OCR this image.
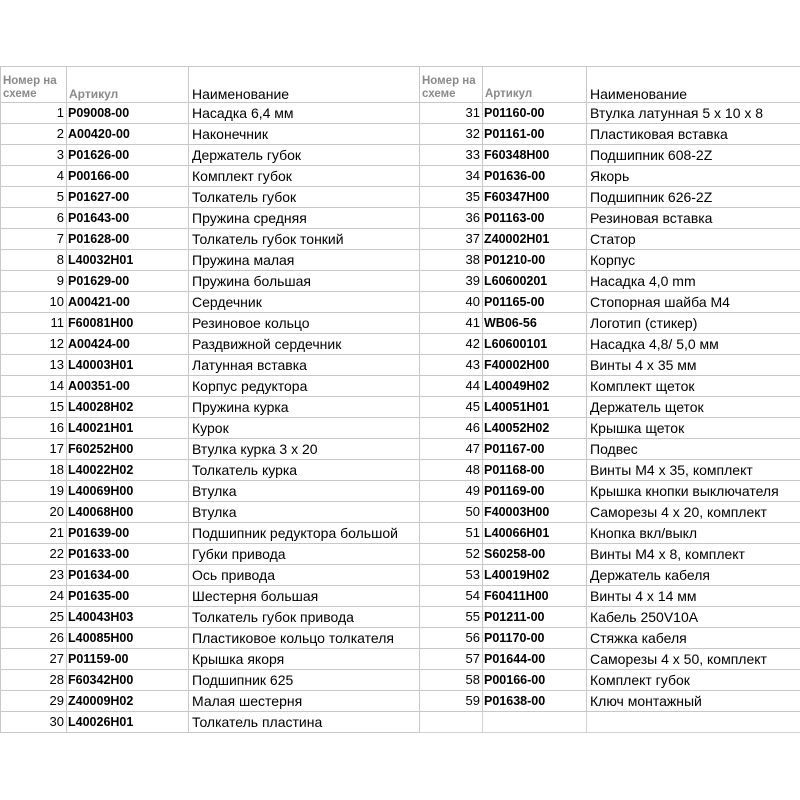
Номер на схеме	Артикул	Наименование	Номер на схеме	Артикул	Наименование
1	P09008-00	Насадка 6,4 мм	31	P01160-00	Втулка латунная 5 х 10 х 8
2	A00420-00	Наконечник	32	P01161-00	Пластиковая вставка
3	P01626-00	Держатель губок	33	F60348H00	Подшипник 608-2Z
4	P00166-00	Комплект губок	34	P01636-00	Якорь
5	P01627-00	Толкатель губок	35	F60347H00	Подшипник 626-2Z
6	P01643-00	Пружина средняя	36	P01163-00	Резиновая вставка
7	P01628-00	Толкатель губок тонкий	37	Z40002H01	Статор
8	L40032H01	Пружина малая	38	P01210-00	Корпус
9	P01629-00	Пружина большая	39	L60600201	Насадка 4,0 mm
10	A00421-00	Сердечник	40	P01165-00	Стопорная шайба М4
11	F60081H00	Резиновое кольцо	41	WB06-56	Логотип (стикер)
12	A00424-00	Раздвижной сердечник	42	L60600101	Насадка 4,8/ 5,0 мм
13	L40003H01	Латунная вставка	43	F40002H00	Винты 4 х 35 мм
14	A00351-00	Корпус редуктора	44	L40049H02	Комплект щеток
15	L40028H02	Пружина курка	45	L40051H01	Держатель щеток
16	L40021H01	Курок	46	L40052H02	Крышка щеток
17	F60252H00	Втулка курка 3 х 20	47	P01167-00	Подвес
18	L40022H02	Толкатель курка	48	P01168-00	Винты М4 х 35, комплект
19	L40069H00	Втулка	49	P01169-00	Крышка кнопки выключателя
20	L40068H00	Втулка	50	F40003H00	Саморезы 4 х 20, комплект
21	P01639-00	Подшипник редуктора большой	51	L40066H01	Кнопка вкл/выкл
22	P01633-00	Губки привода	52	S60258-00	Винты М4 х 8, комплект
23	P01634-00	Ось привода	53	L40019H02	Держатель кабеля
24	P01635-00	Шестерня большая	54	F60411H00	Винты 4 х 14 мм
25	L40043H03	Толкатель губок привода	55	P01211-00	Кабель 250V10A
26	L40085H00	Пластиковое кольцо толкателя	56	P01170-00	Стяжка кабеля
27	P01159-00	Крышка якоря	57	P01644-00	Саморезы 4 х 50, комплект
28	F60342H00	Подшипник 625	58	P00166-00	Комплект губок
29	Z40009H02	Малая шестерня	59	P01638-00	Ключ монтажный
30	L40026H01	Толкатель пластина			
